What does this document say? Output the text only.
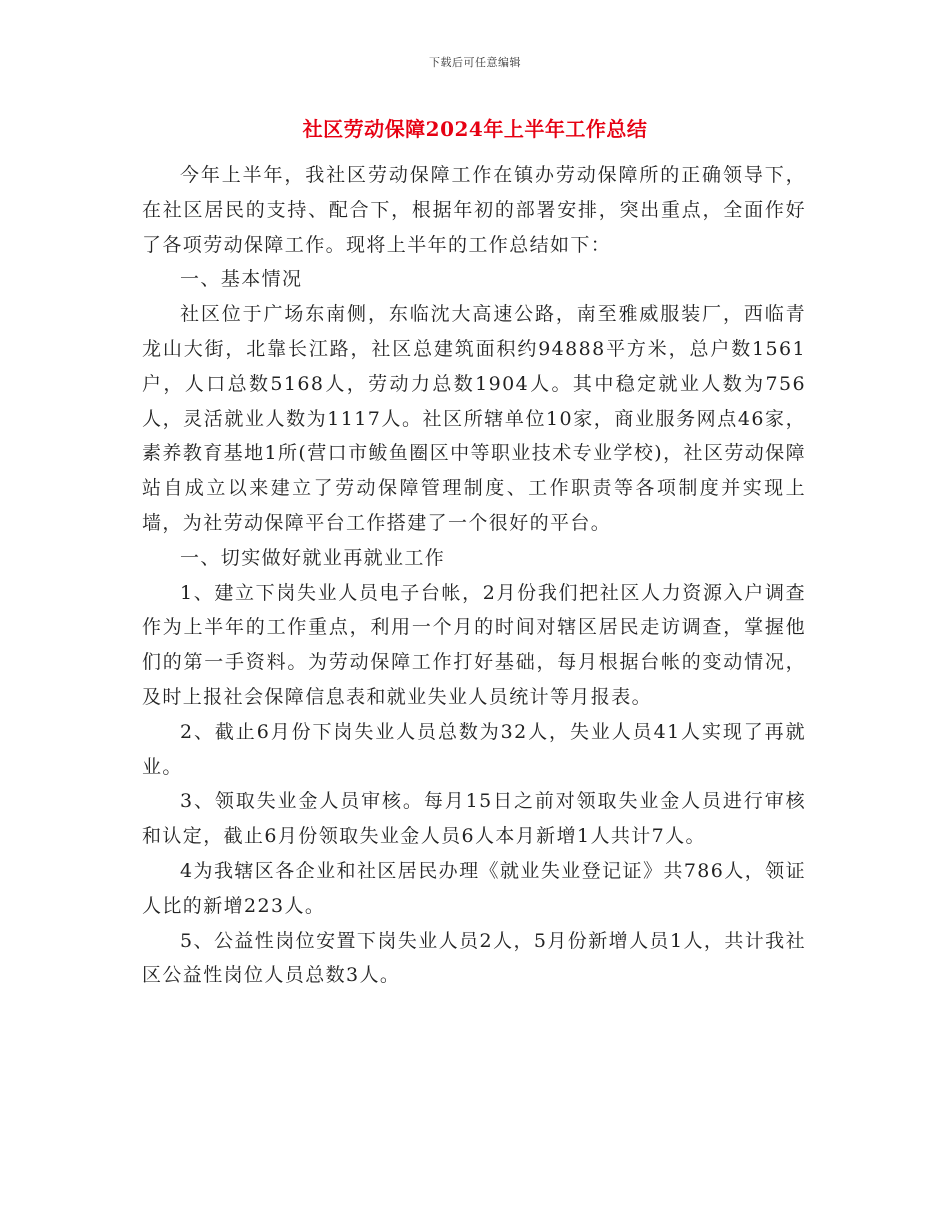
下载后可任意编辑
社区劳动保障2024年上半年工作总结

今年上半年，我社区劳动保障工作在镇办劳动保障所的正确领导下，在社区居民的支持、配合下，根据年初的部署安排，突出重点，全面作好了各项劳动保障工作。现将上半年的工作总结如下：

一、基本情况

社区位于广场东南侧，东临沈大高速公路，南至雅威服装厂，西临青龙山大街，北靠长江路，社区总建筑面积约94888平方米，总户数1561户，人口总数5168人，劳动力总数1904人。其中稳定就业人数为756人，灵活就业人数为1117人。社区所辖单位10家，商业服务网点46家，素养教育基地1所(营口市鲅鱼圈区中等职业技术专业学校)，社区劳动保障站自成立以来建立了劳动保障管理制度、工作职责等各项制度并实现上墙，为社劳动保障平台工作搭建了一个很好的平台。

一、切实做好就业再就业工作

1、建立下岗失业人员电子台帐，2月份我们把社区人力资源入户调查作为上半年的工作重点，利用一个月的时间对辖区居民走访调查，掌握他们的第一手资料。为劳动保障工作打好基础，每月根据台帐的变动情况，及时上报社会保障信息表和就业失业人员统计等月报表。

2、截止6月份下岗失业人员总数为32人，失业人员41人实现了再就业。

3、领取失业金人员审核。每月15日之前对领取失业金人员进行审核和认定，截止6月份领取失业金人员6人本月新增1人共计7人。

4为我辖区各企业和社区居民办理《就业失业登记证》共786人，领证人比的新增223人。

5、公益性岗位安置下岗失业人员2人，5月份新增人员1人，共计我社区公益性岗位人员总数3人。
